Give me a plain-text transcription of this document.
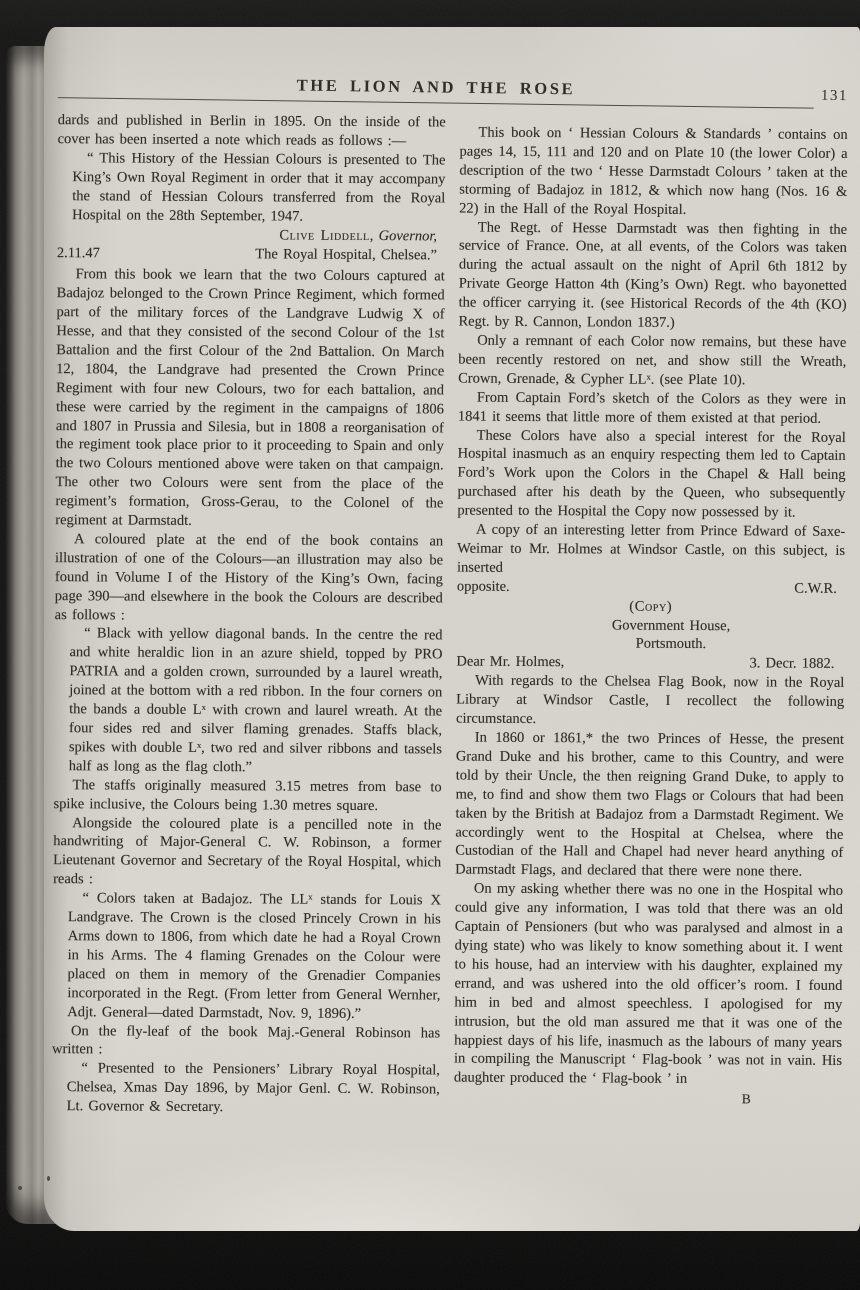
THE LION AND THE ROSE	131

dards and published in Berlin in 1895. On the inside of the cover has been inserted a note which reads as follows :—

“ This History of the Hessian Colours is presented to The King’s Own Royal Regiment in order that it may accompany the stand of Hessian Colours transferred from the Royal Hospital on the 28th September, 1947.

Clive Liddell, Governor,
2.11.47	The Royal Hospital, Chelsea.”

From this book we learn that the two Colours captured at Badajoz belonged to the Crown Prince Regiment, which formed part of the military forces of the Landgrave Ludwig X of Hesse, and that they consisted of the second Colour of the 1st Battalion and the first Colour of the 2nd Battalion. On March 12, 1804, the Landgrave had presented the Crown Prince Regiment with four new Colours, two for each battalion, and these were carried by the regiment in the campaigns of 1806 and 1807 in Prussia and Silesia, but in 1808 a reorganisation of the regiment took place prior to it proceeding to Spain and only the two Colours mentioned above were taken on that campaign. The other two Colours were sent from the place of the regiment’s formation, Gross-Gerau, to the Colonel of the regiment at Darmstadt.

A coloured plate at the end of the book contains an illustration of one of the Colours—an illustration may also be found in Volume I of the History of the King’s Own, facing page 390—and elsewhere in the book the Colours are described as follows :

“ Black with yellow diagonal bands. In the centre the red and white heraldic lion in an azure shield, topped by PRO PATRIA and a golden crown, surrounded by a laurel wreath, joined at the bottom with a red ribbon. In the four corners on the bands a double Lˣ with crown and laurel wreath. At the four sides red and silver flaming grenades. Staffs black, spikes with double Lˣ, two red and silver ribbons and tassels half as long as the flag cloth.”

The staffs originally measured 3.15 metres from base to spike inclusive, the Colours being 1.30 metres square.

Alongside the coloured plate is a pencilled note in the handwriting of Major-General C. W. Robinson, a former Lieutenant Governor and Secretary of the Royal Hospital, which reads :

“ Colors taken at Badajoz. The LLˣ stands for Louis X Landgrave. The Crown is the closed Princely Crown in his Arms down to 1806, from which date he had a Royal Crown in his Arms. The 4 flaming Grenades on the Colour were placed on them in memory of the Grenadier Companies incorporated in the Regt. (From letter from General Wernher, Adjt. General—dated Darmstadt, Nov. 9, 1896).”

On the fly-leaf of the book Maj.-General Robinson has written :

“ Presented to the Pensioners’ Library Royal Hospital, Chelsea, Xmas Day 1896, by Major Genl. C. W. Robinson, Lt. Governor & Secretary.

This book on ‘ Hessian Colours & Standards ’ contains on pages 14, 15, 111 and 120 and on Plate 10 (the lower Color) a description of the two ‘ Hesse Darmstadt Colours ’ taken at the storming of Badajoz in 1812, & which now hang (Nos. 16 & 22) in the Hall of the Royal Hospital.

The Regt. of Hesse Darmstadt was then fighting in the service of France. One, at all events, of the Colors was taken during the actual assault on the night of April 6th 1812 by Private George Hatton 4th (King’s Own) Regt. who bayonetted the officer carrying it. (see Historical Records of the 4th (KO) Regt. by R. Cannon, London 1837.)

Only a remnant of each Color now remains, but these have been recently restored on net, and show still the Wreath, Crown, Grenade, & Cypher LLˣ. (see Plate 10).

From Captain Ford’s sketch of the Colors as they were in 1841 it seems that little more of them existed at that period.

These Colors have also a special interest for the Royal Hospital inasmuch as an enquiry respecting them led to Captain Ford’s Work upon the Colors in the Chapel & Hall being purchased after his death by the Queen, who subsequently presented to the Hospital the Copy now possessed by it.

A copy of an interesting letter from Prince Edward of Saxe-Weimar to Mr. Holmes at Windsor Castle, on this subject, is inserted

opposite.	C.W.R.

(Copy)

Government House,
Portsmouth.
Dear Mr. Holmes,	3. Decr. 1882.

With regards to the Chelsea Flag Book, now in the Royal Library at Windsor Castle, I recollect the following circumstance.

In 1860 or 1861,* the two Princes of Hesse, the present Grand Duke and his brother, came to this Country, and were told by their Uncle, the then reigning Grand Duke, to apply to me, to find and show them two Flags or Colours that had been taken by the British at Badajoz from a Darmstadt Regiment. We accordingly went to the Hospital at Chelsea, where the Custodian of the Hall and Chapel had never heard anything of Darmstadt Flags, and declared that there were none there.

On my asking whether there was no one in the Hospital who could give any information, I was told that there was an old Captain of Pensioners (but who was paralysed and almost in a dying state) who was likely to know something about it. I went to his house, had an interview with his daughter, explained my errand, and was ushered into the old officer’s room. I found him in bed and almost speechless. I apologised for my intrusion, but the old man assured me that it was one of the happiest days of his life, inasmuch as the labours of many years in compiling the Manuscript ‘ Flag-book ’ was not in vain. His daughter produced the ‘ Flag-book ’ in

B
